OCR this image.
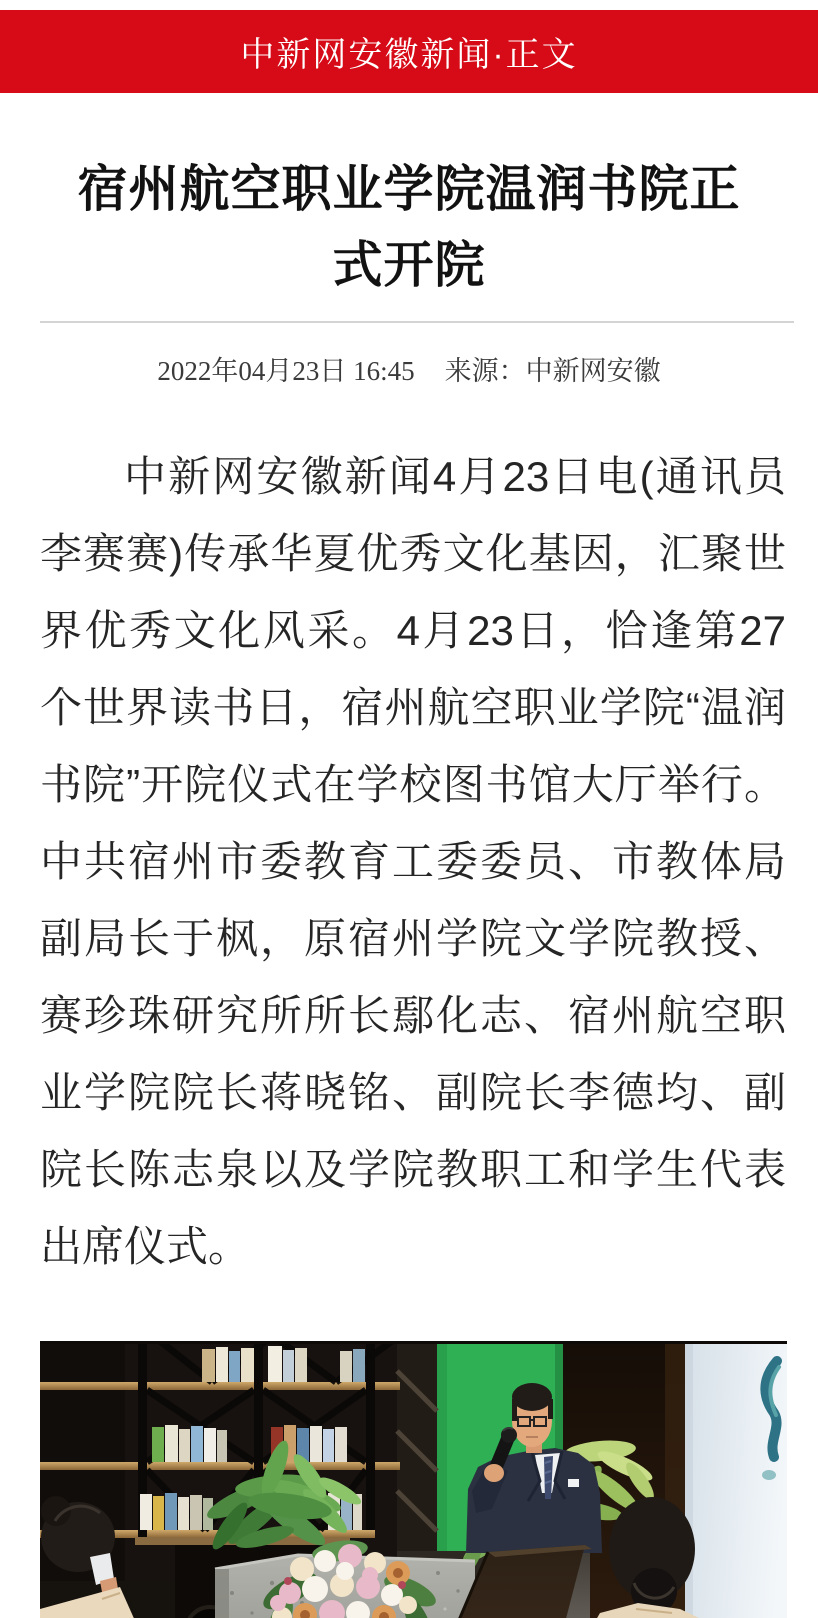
中新网安徽新闻·正文
宿州航空职业学院温润书院正式开院
2022年04月23日 16:45 来源：中新网安徽

中新网安徽新闻4月23日电(通讯员李赛赛)传承华夏优秀文化基因，汇聚世界优秀文化风采。4月23日，恰逢第27个世界读书日，宿州航空职业学院“温润书院”开院仪式在学校图书馆大厅举行。中共宿州市委教育工委委员、市教体局副局长于枫，原宿州学院文学院教授、赛珍珠研究所所长鄢化志、宿州航空职业学院院长蒋晓铭、副院长李德均、副院长陈志泉以及学院教职工和学生代表出席仪式。
